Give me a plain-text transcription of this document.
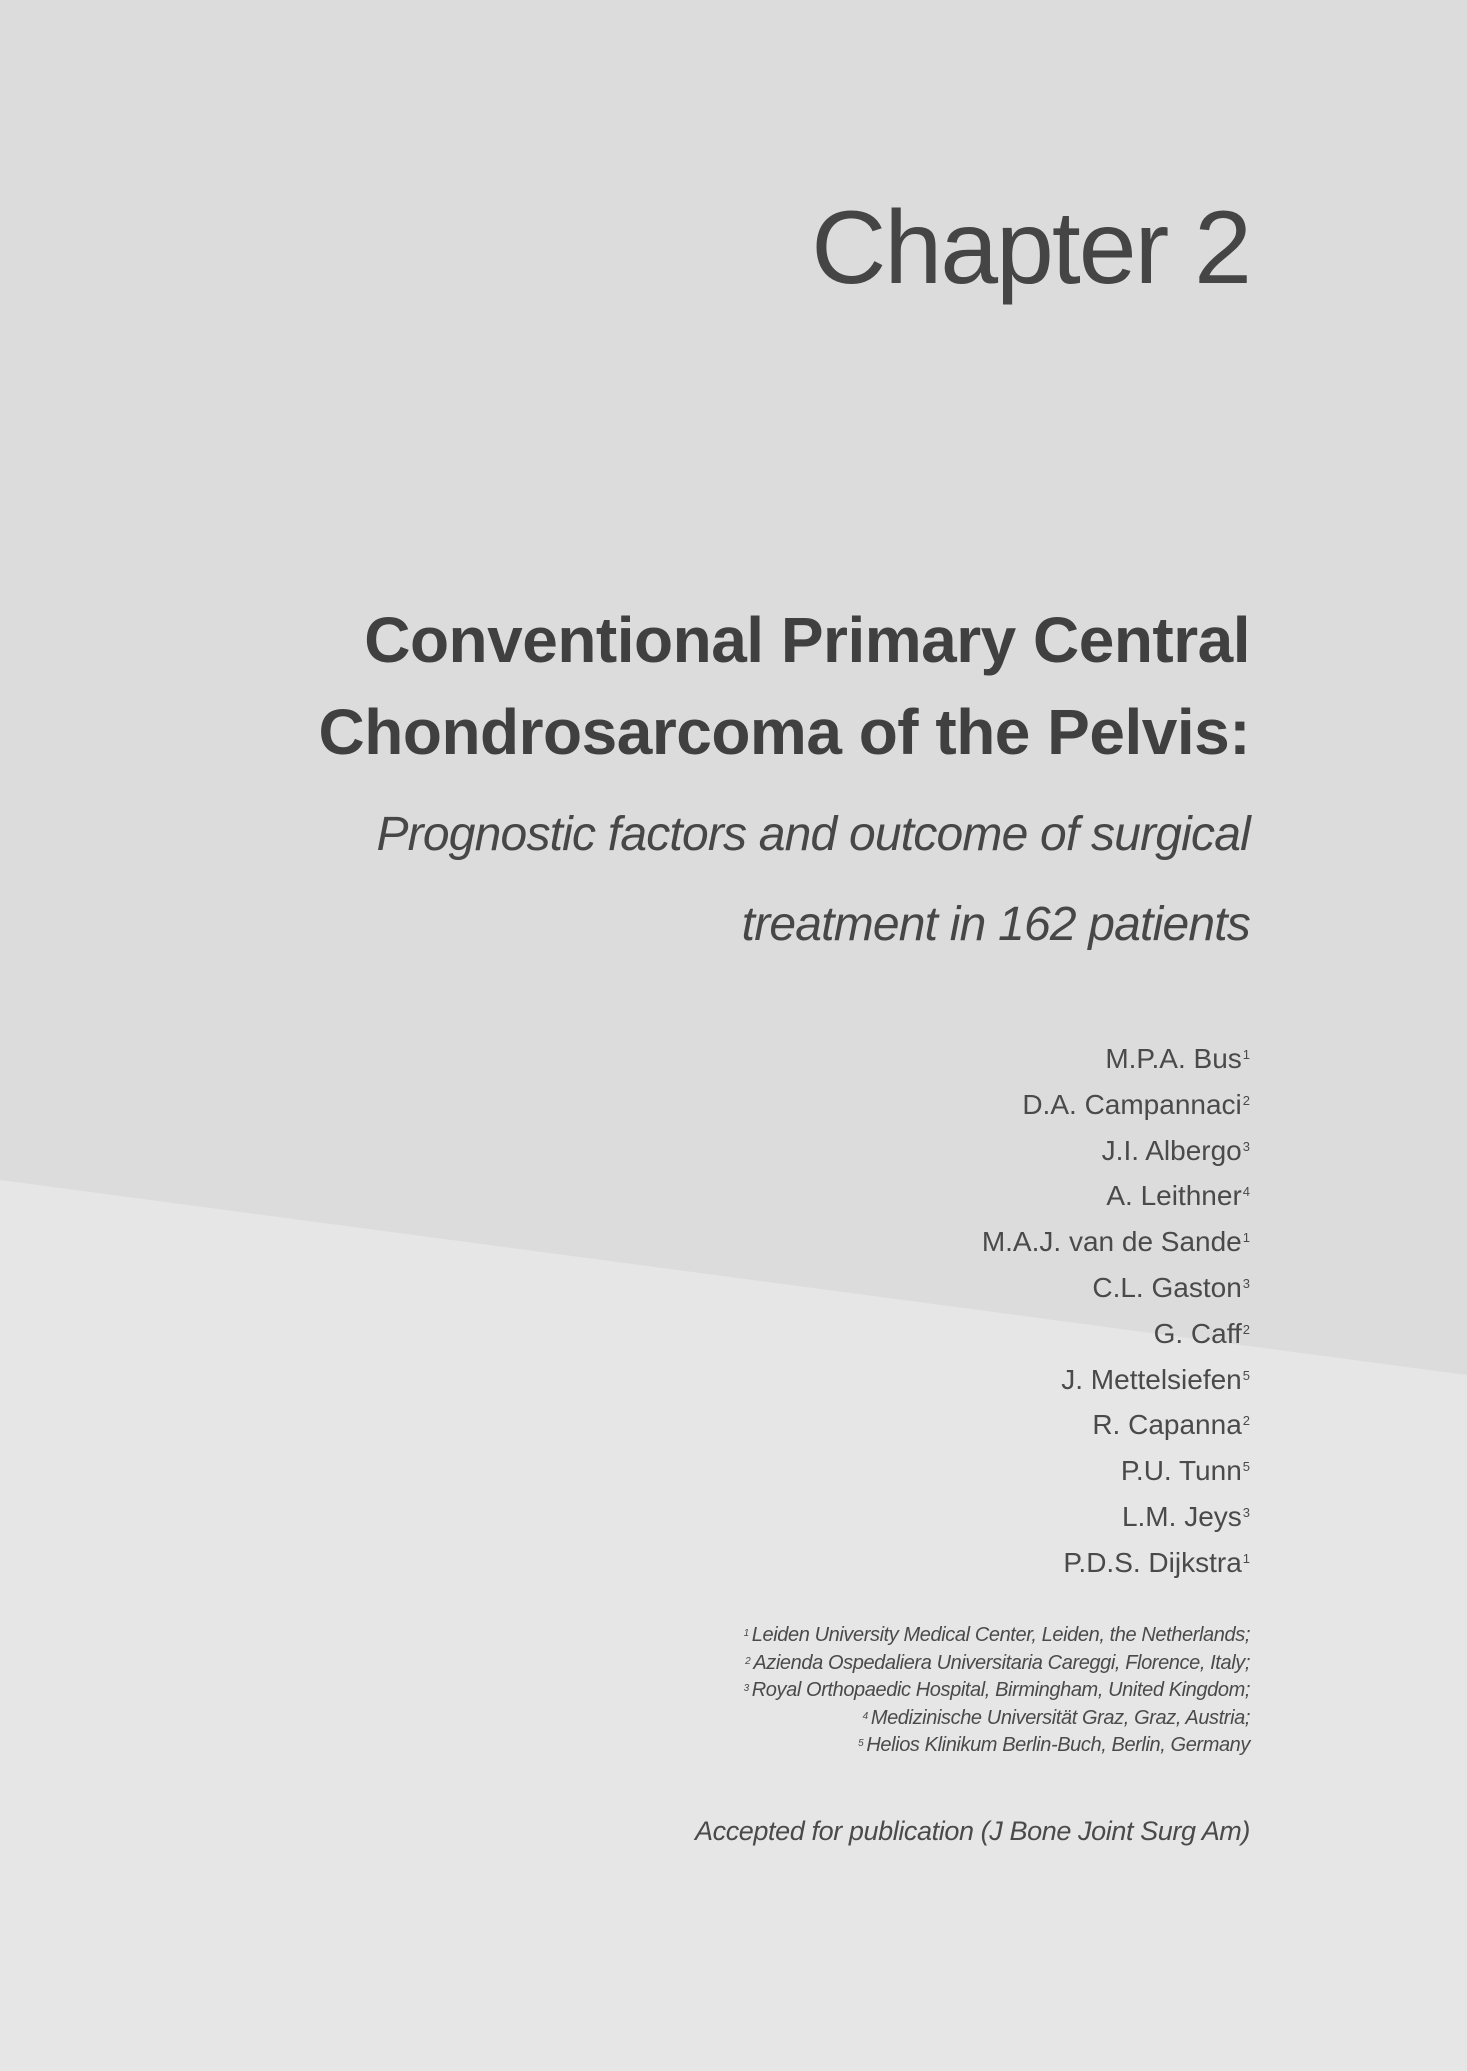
Chapter 2
Conventional Primary Central
Chondrosarcoma of the Pelvis:
Prognostic factors and outcome of surgical
treatment in 162 patients
M.P.A. Bus$^1$
D.A. Campannaci$^2$
J.I. Albergo$^3$
A. Leithner$^4$
M.A.J. van de Sande$^1$
C.L. Gaston$^3$
G. Caff$^2$
J. Mettelsiefen$^5$
R. Capanna$^2$
P.U. Tunn$^5$
L.M. Jeys$^3$
P.D.S. Dijkstra$^1$
$^1$ Leiden University Medical Center, Leiden, the Netherlands;
$^2$ Azienda Ospedaliera Universitaria Careggi, Florence, Italy;
$^3$ Royal Orthopaedic Hospital, Birmingham, United Kingdom;
$^4$ Medizinische Universität Graz, Graz, Austria;
$^5$ Helios Klinikum Berlin-Buch, Berlin, Germany
Accepted for publication (J Bone Joint Surg Am)
